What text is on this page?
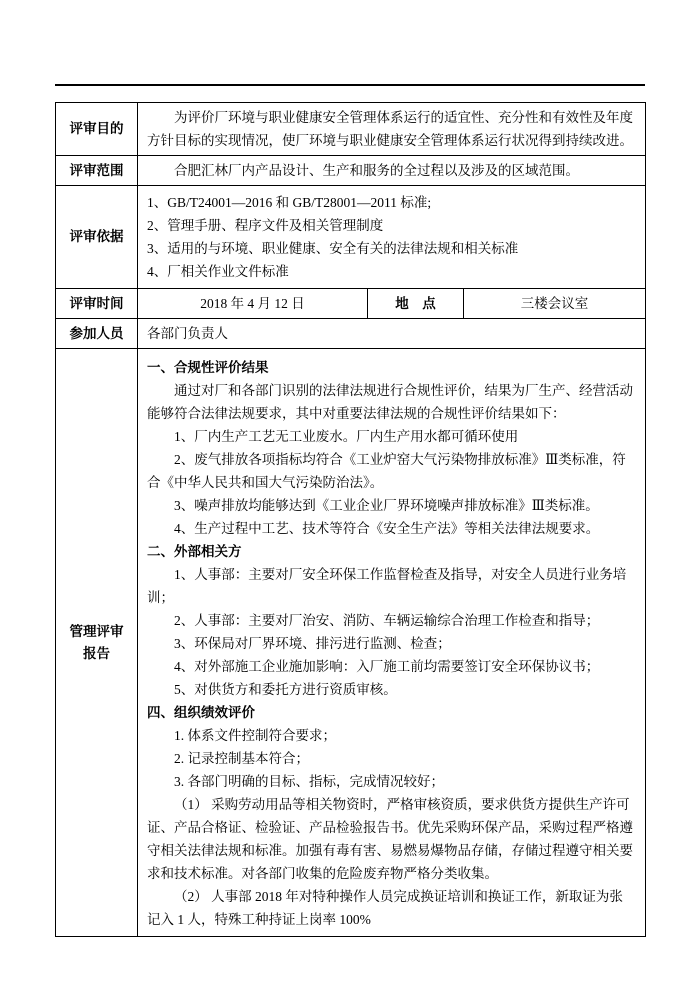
评审目的	为评价厂环境与职业健康安全管理体系运行的适宜性、充分性和有效性及年度方针目标的实现情况，使厂环境与职业健康安全管理体系运行状况得到持续改进。		

评审范围	合肥汇林厂内产品设计、生产和服务的全过程以及涉及的区域范围。		

评审依据	1、GB/T24001—2016 和 GB/T28001—2011 标准;
2、管理手册、程序文件及相关管理制度
3、适用的与环境、职业健康、安全有关的法律法规和相关标准
4、厂相关作业文件标准		

评审时间	2018 年 4 月 12 日	地　点	三楼会议室
参加人员	各部门负责人		

管理评审
报告

一、合规性评价结果
通过对厂和各部门识别的法律法规进行合规性评价，结果为厂生产、经营活动能够符合法律法规要求，其中对重要法律法规的合规性评价结果如下：
1、厂内生产工艺无工业废水。厂内生产用水都可循环使用
2、废气排放各项指标均符合《工业炉窑大气污染物排放标准》Ⅲ类标准，符合《中华人民共和国大气污染防治法》。
3、噪声排放均能够达到《工业企业厂界环境噪声排放标准》Ⅲ类标准。
4、生产过程中工艺、技术等符合《安全生产法》等相关法律法规要求。
二、外部相关方
1、人事部：主要对厂安全环保工作监督检查及指导，对安全人员进行业务培训；
2、人事部：主要对厂治安、消防、车辆运输综合治理工作检查和指导；
3、环保局对厂界环境、排污进行监测、检查；
4、对外部施工企业施加影响：入厂施工前均需要签订安全环保协议书；
5、对供货方和委托方进行资质审核。
四、组织绩效评价
1. 体系文件控制符合要求；
2. 记录控制基本符合；
3. 各部门明确的目标、指标，完成情况较好；
（1） 采购劳动用品等相关物资时，严格审核资质，要求供货方提供生产许可证、产品合格证、检验证、产品检验报告书。优先采购环保产品，采购过程严格遵守相关法律法规和标准。加强有毒有害、易燃易爆物品存储，存储过程遵守相关要求和技术标准。对各部门收集的危险废弃物严格分类收集。
（2） 人事部 2018 年对特种操作人员完成换证培训和换证工作，新取证为张记入 1 人，特殊工种持证上岗率 100%
